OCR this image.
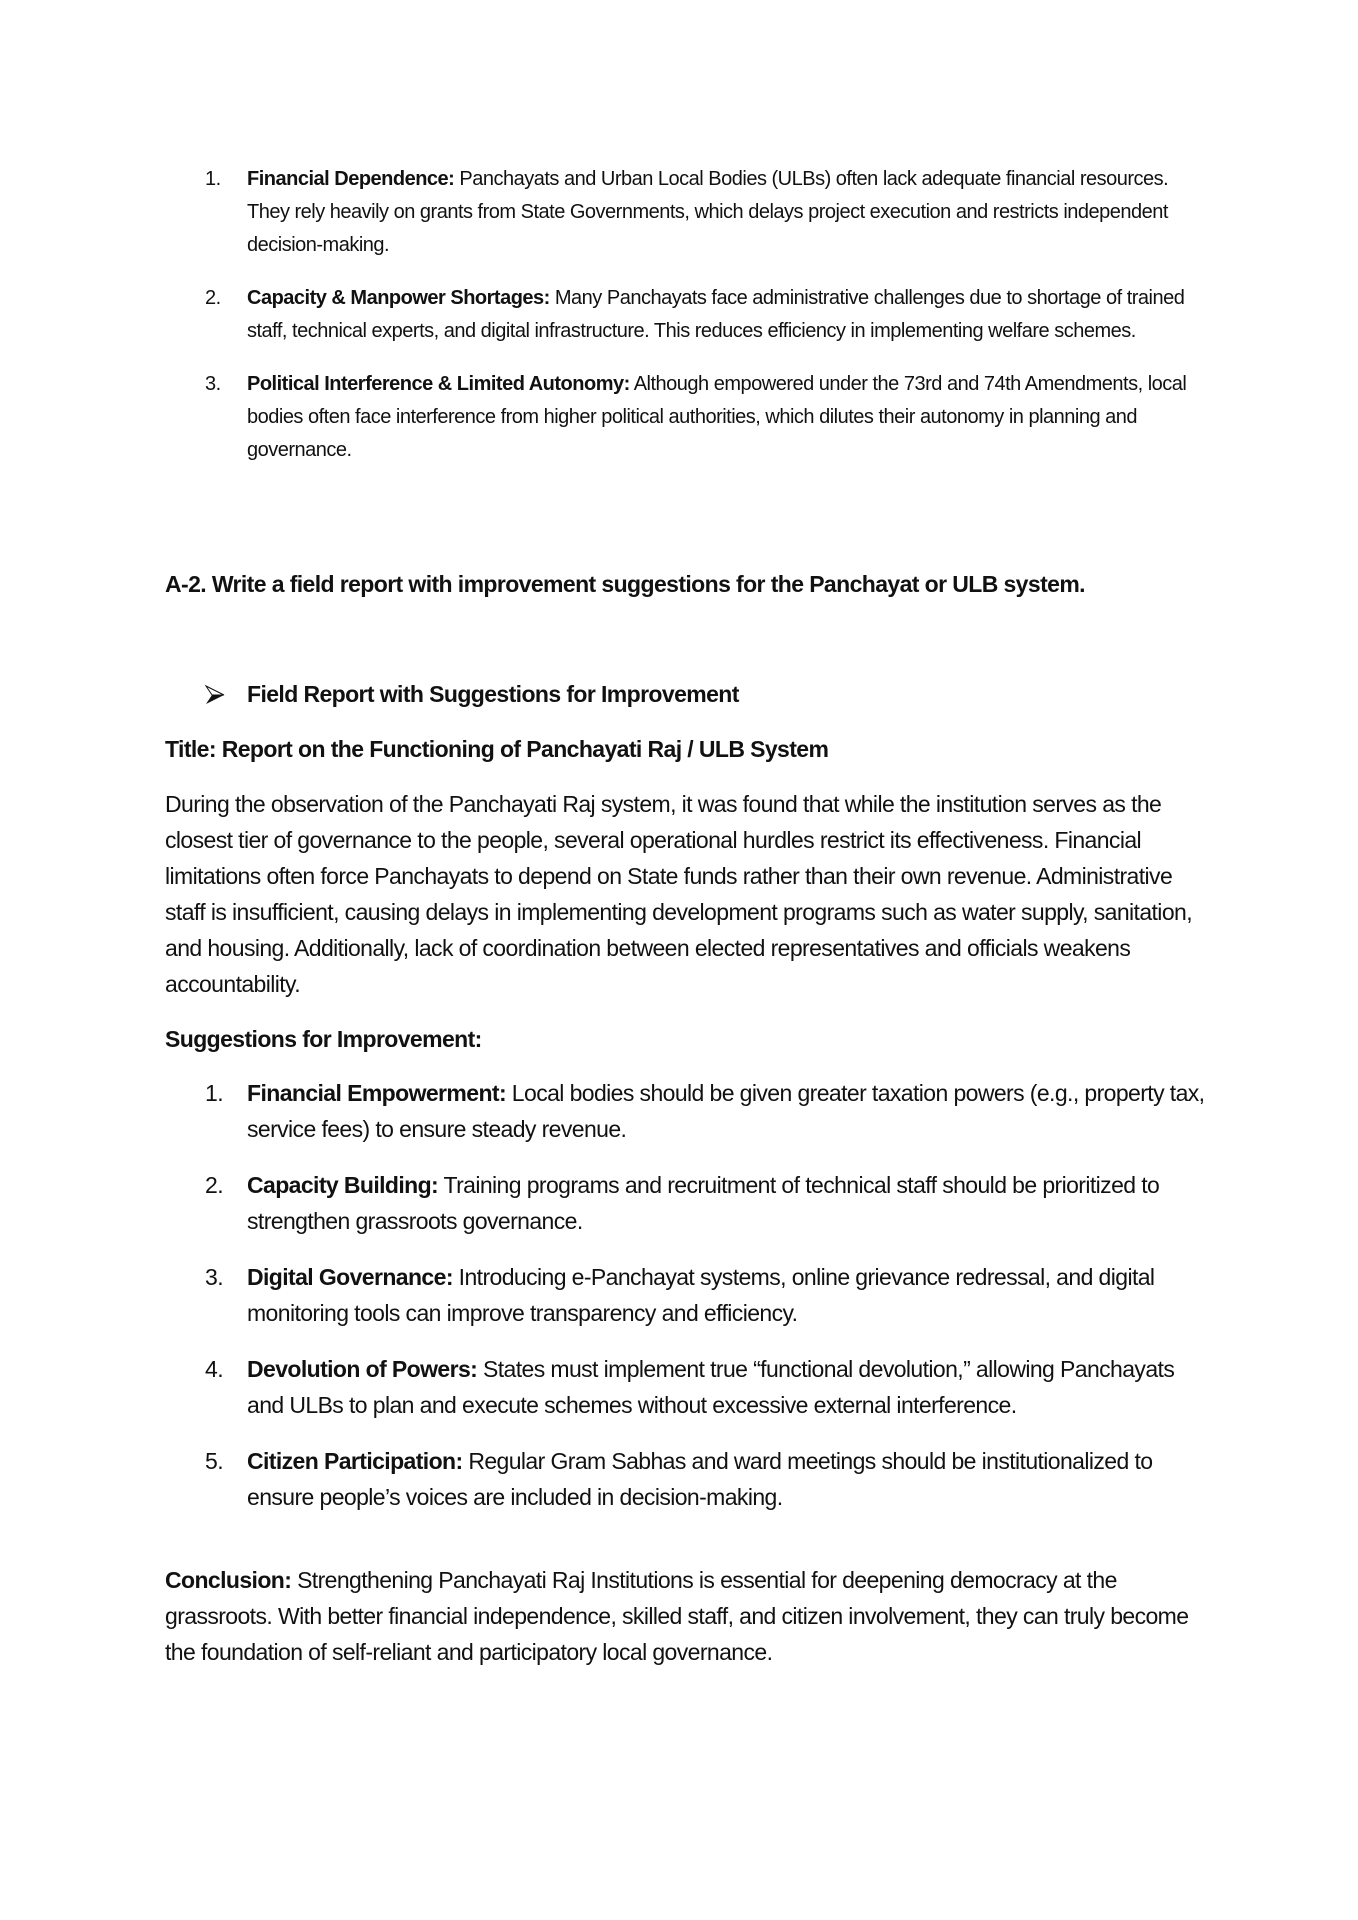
1. Financial Dependence: Panchayats and Urban Local Bodies (ULBs) often lack adequate financial resources. They rely heavily on grants from State Governments, which delays project execution and restricts independent decision-making.
2. Capacity & Manpower Shortages: Many Panchayats face administrative challenges due to shortage of trained staff, technical experts, and digital infrastructure. This reduces efficiency in implementing welfare schemes.
3. Political Interference & Limited Autonomy: Although empowered under the 73rd and 74th Amendments, local bodies often face interference from higher political authorities, which dilutes their autonomy in planning and governance.

A-2. Write a field report with improvement suggestions for the Panchayat or ULB system.

Field Report with Suggestions for Improvement

Title: Report on the Functioning of Panchayati Raj / ULB System

During the observation of the Panchayati Raj system, it was found that while the institution serves as the closest tier of governance to the people, several operational hurdles restrict its effectiveness. Financial limitations often force Panchayats to depend on State funds rather than their own revenue. Administrative staff is insufficient, causing delays in implementing development programs such as water supply, sanitation, and housing. Additionally, lack of coordination between elected representatives and officials weakens accountability.

Suggestions for Improvement:

1. Financial Empowerment: Local bodies should be given greater taxation powers (e.g., property tax, service fees) to ensure steady revenue.
2. Capacity Building: Training programs and recruitment of technical staff should be prioritized to strengthen grassroots governance.
3. Digital Governance: Introducing e-Panchayat systems, online grievance redressal, and digital monitoring tools can improve transparency and efficiency.
4. Devolution of Powers: States must implement true “functional devolution,” allowing Panchayats and ULBs to plan and execute schemes without excessive external interference.
5. Citizen Participation: Regular Gram Sabhas and ward meetings should be institutionalized to ensure people’s voices are included in decision-making.

Conclusion: Strengthening Panchayati Raj Institutions is essential for deepening democracy at the grassroots. With better financial independence, skilled staff, and citizen involvement, they can truly become the foundation of self-reliant and participatory local governance.
